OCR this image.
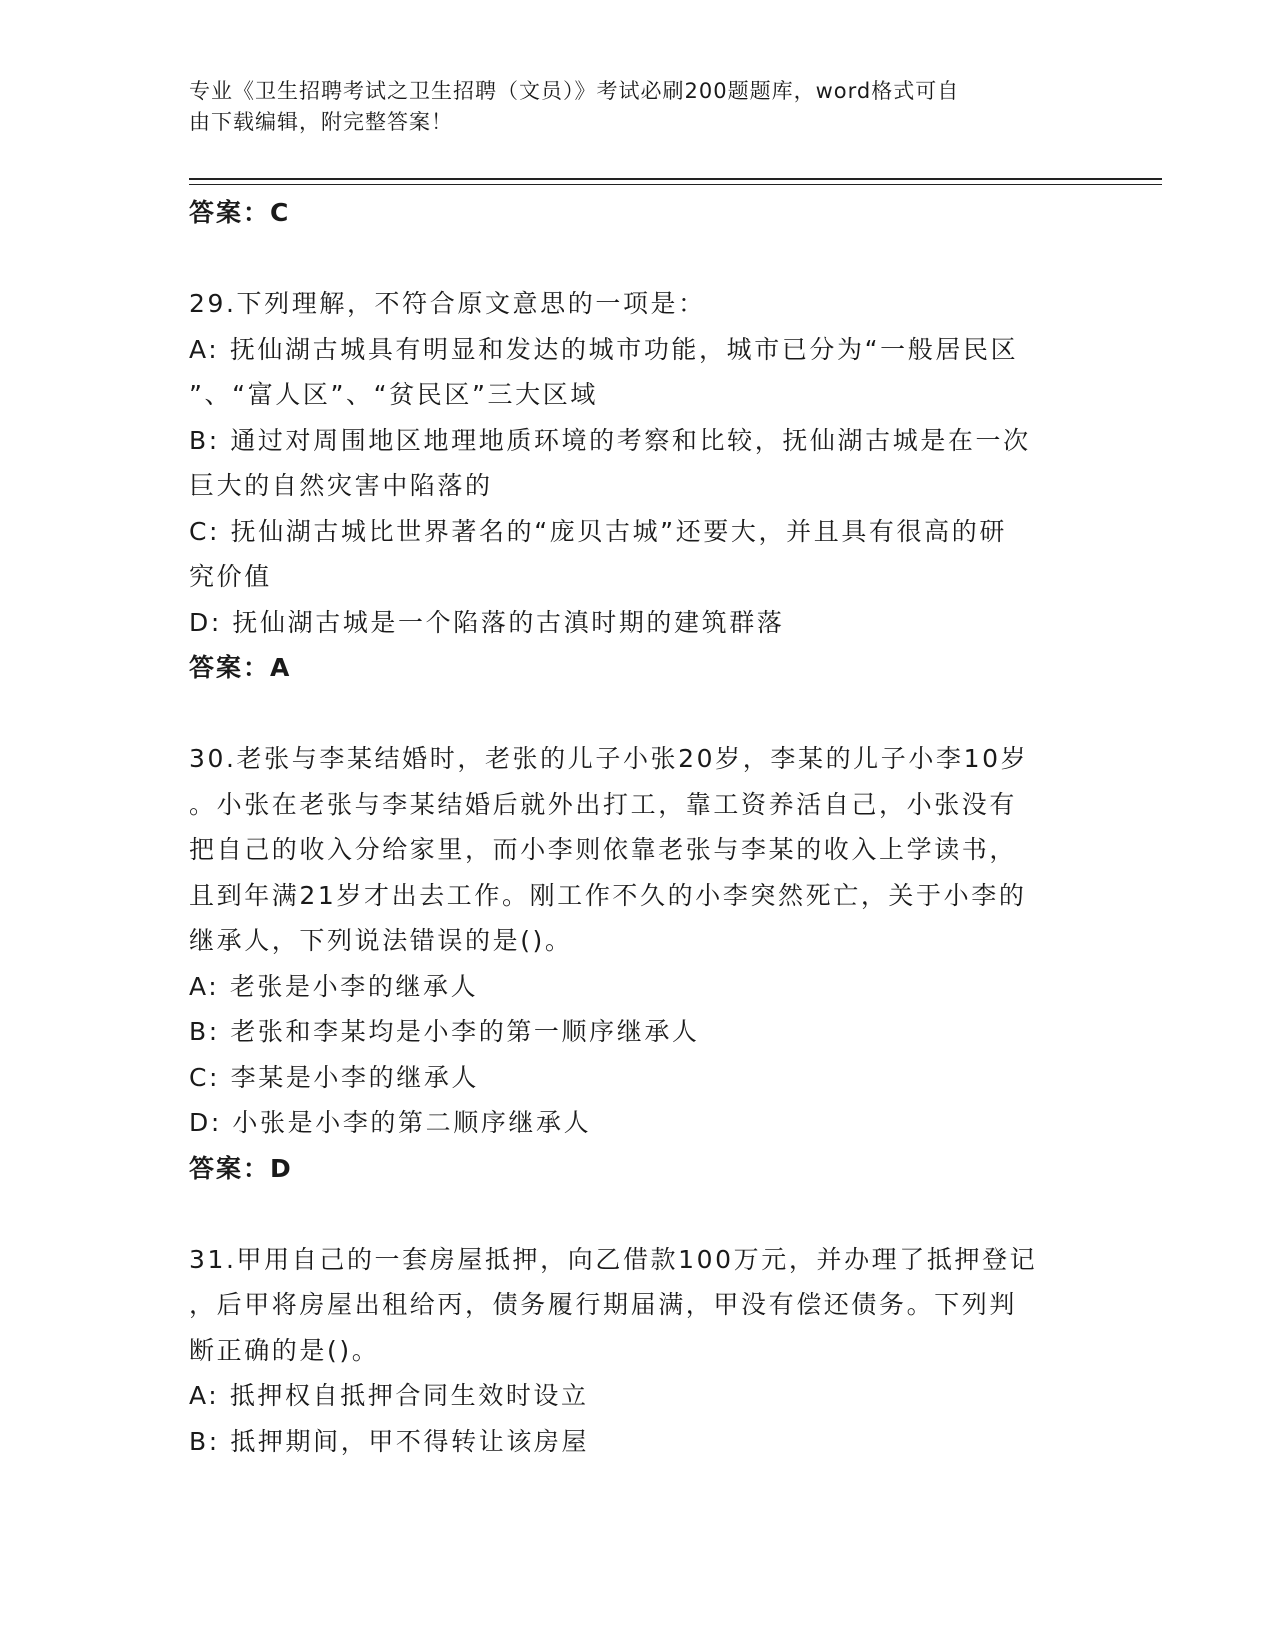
专业《卫生招聘考试之卫生招聘（文员）》考试必刷200题题库，word格式可自
由下载编辑，附完整答案！
答案：C
29.下列理解，不符合原文意思的一项是：
A: 抚仙湖古城具有明显和发达的城市功能，城市已分为“一般居民区
”、“富人区”、“贫民区”三大区域
B: 通过对周围地区地理地质环境的考察和比较，抚仙湖古城是在一次
巨大的自然灾害中陷落的
C: 抚仙湖古城比世界著名的“庞贝古城”还要大，并且具有很高的研
究价值
D: 抚仙湖古城是一个陷落的古滇时期的建筑群落
答案：A
30.老张与李某结婚时，老张的儿子小张20岁，李某的儿子小李10岁
。小张在老张与李某结婚后就外出打工，靠工资养活自己，小张没有
把自己的收入分给家里，而小李则依靠老张与李某的收入上学读书，
且到年满21岁才出去工作。刚工作不久的小李突然死亡，关于小李的
继承人，下列说法错误的是()。
A: 老张是小李的继承人
B: 老张和李某均是小李的第一顺序继承人
C: 李某是小李的继承人
D: 小张是小李的第二顺序继承人
答案：D
31.甲用自己的一套房屋抵押，向乙借款100万元，并办理了抵押登记
，后甲将房屋出租给丙，债务履行期届满，甲没有偿还债务。下列判
断正确的是()。
A: 抵押权自抵押合同生效时设立
B: 抵押期间，甲不得转让该房屋
